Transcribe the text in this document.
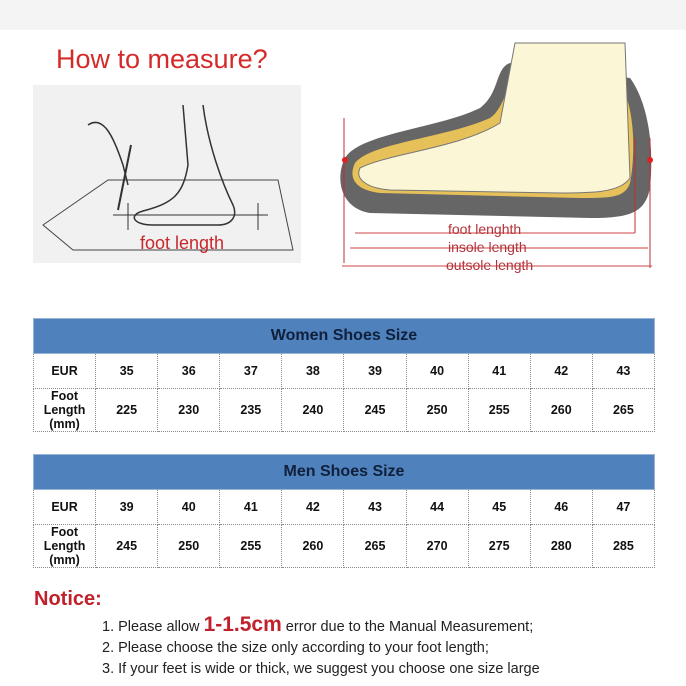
How to measure?
foot length
foot lenghth
insole length
outsole length
Women Shoes Size									
EUR	35	36	37	38	39	40	41	42	43
Foot Length (mm)	225	230	235	240	245	250	255	260	265
Men Shoes Size									
EUR	39	40	41	42	43	44	45	46	47
Foot Length (mm)	245	250	255	260	265	270	275	280	285
Notice:
1. Please allow 1-1.5cm error due to the Manual Measurement;
2. Please choose the size only according to your foot length;
3. If your feet is wide or thick, we suggest you choose one size large
